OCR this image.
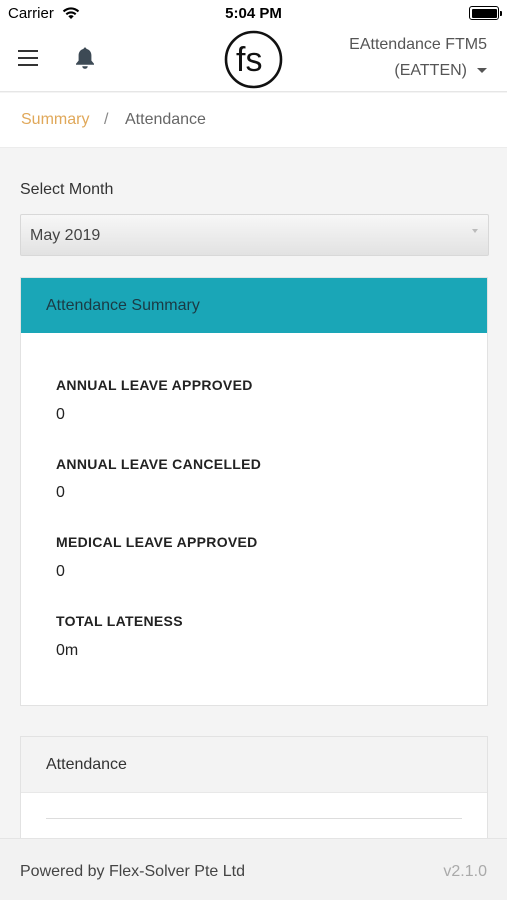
Carrier	5:04 PM
fs	EAttendance FTM5
(EATTEN)
Summary / Attendance
Select Month
May 2019
Attendance Summary
ANNUAL LEAVE APPROVED
0
ANNUAL LEAVE CANCELLED
0
MEDICAL LEAVE APPROVED
0
TOTAL LATENESS
0m
Attendance
Powered by Flex-Solver Pte Ltd	v2.1.0
